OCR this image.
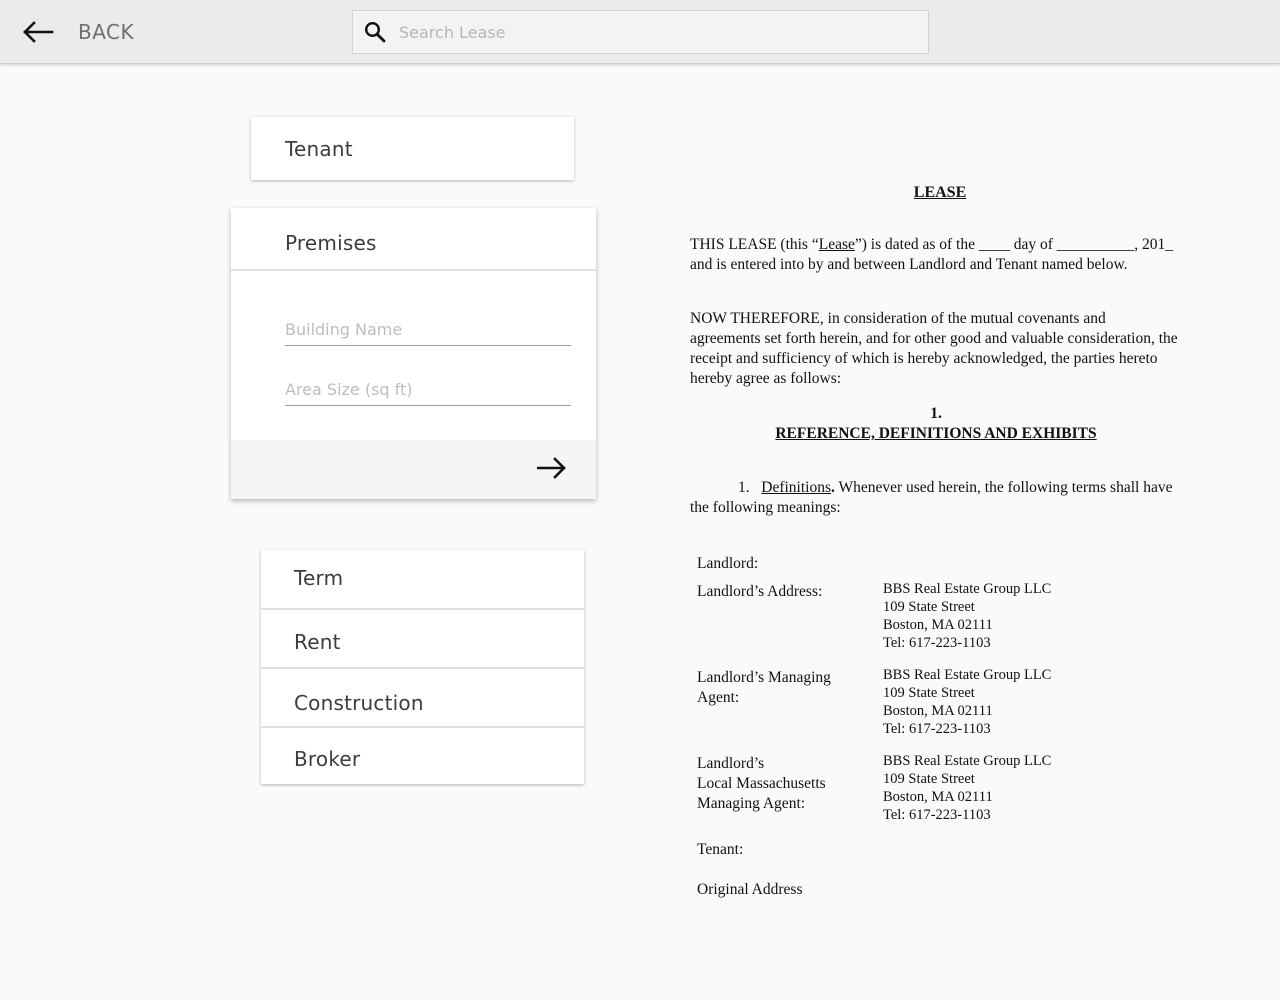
BACK
Search Lease
Tenant
Premises
Building Name
Area Size (sq ft)
Term
Rent
Construction
Broker

LEASE

THIS LEASE (this “Lease”) is dated as of the ____ day of __________, 201_ and is entered into by and between Landlord and Tenant named below.

NOW THEREFORE, in consideration of the mutual covenants and agreements set forth herein, and for other good and valuable consideration, the receipt and sufficiency of which is hereby acknowledged, the parties hereto hereby agree as follows:

1.
REFERENCE, DEFINITIONS AND EXHIBITS

1. Definitions. Whenever used herein, the following terms shall have the following meanings:

Landlord:
Landlord’s Address:	BBS Real Estate Group LLC
109 State Street
Boston, MA 02111
Tel: 617-223-1103
Landlord’s Managing
Agent:
BBS Real Estate Group LLC
109 State Street
Boston, MA 02111
Tel: 617-223-1103
Landlord’s
Local Massachusetts
Managing Agent:
BBS Real Estate Group LLC
109 State Street
Boston, MA 02111
Tel: 617-223-1103
Tenant:
Original Address
